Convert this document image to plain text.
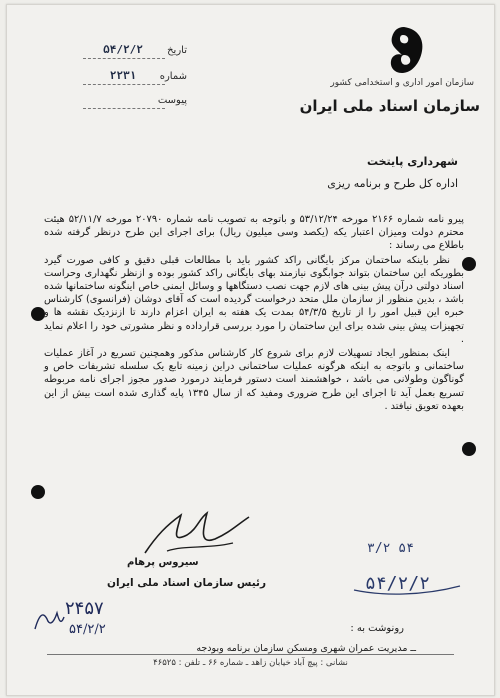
تاریخ
۵۴/۲/۲
شماره
۲۲۳۱
پیوست
سازمان امور اداری و استخدامی کشور
سازمان اسناد ملی ایران
شهرداری پایتخت
اداره کل طرح و برنامه ریزی

پیرو نامه شماره ۲۱۶۶ مورخه ۵۳/۱۲/۲۴ و باتوجه به تصویب نامه شماره ۲۰۷۹۰ مورخه ۵۲/۱۱/۷ هیئت محترم دولت ومیزان اعتبار یکه (یکصد وسی میلیون ریال) برای اجرای این طرح درنظر گرفته شده باطلاع می رساند :

نظر باینکه ساختمان مرکز بایگانی راکد کشور باید با مطالعات قبلی دقیق و کافی صورت گیرد بطوریکه این ساختمان بتواند جوابگوی نیازمند بهای بایگانی راکد کشور بوده و ازنظر نگهداری وحراست اسناد دولتی درآن پیش بینی های لازم جهت نصب دستگاهها و وسائل ایمنی خاص اینگونه ساختمانها شده باشد ، بدین منظور از سازمان ملل متحد درخواست گردیده است که آقای دوشان (فرانسوی) کارشناس خبره این قبیل امور را از تاریخ ۵۴/۳/۵ بمدت یک هفته به ایران اعزام دارند تا ازنزدیک نقشه ها و تجهیزات پیش بینی شده برای این ساختمان را مورد بررسی قرارداده و نظر مشورتی خود را اعلام نماید .

اینک بمنظور ایجاد تسهیلات لازم برای شروع کار کارشناس مذکور وهمچنین تسریع در آغاز عملیات ساختمانی و باتوجه به اینکه هرگونه عملیات ساختمانی دراین زمینه تابع یک سلسله تشریفات خاص و گوناگون وطولانی می باشد ، خواهشمند است دستور فرمایند درمورد صدور مجوز اجرای نامه مربوطه تسریع بعمل آید تا اجرای این طرح ضروری ومفید که از سال ۱۳۴۵ پایه گذاری شده است بیش از این بعهده تعویق نیافتد .

سیروس پرهام
رئیس سازمان اسناد ملی ایران
۳/۲ ۵۴
۵۴/۲/۲
۲۴۵۷
۵۴/۲/۲	رونوشت به :
ــ مدیریت عمران شهری ومسکن سازمان برنامه وبودجه
نشانی : پیچ آباد خیابان زاهد ـ شماره ۶۶ ـ تلفن : ۴۶۵۲۵
